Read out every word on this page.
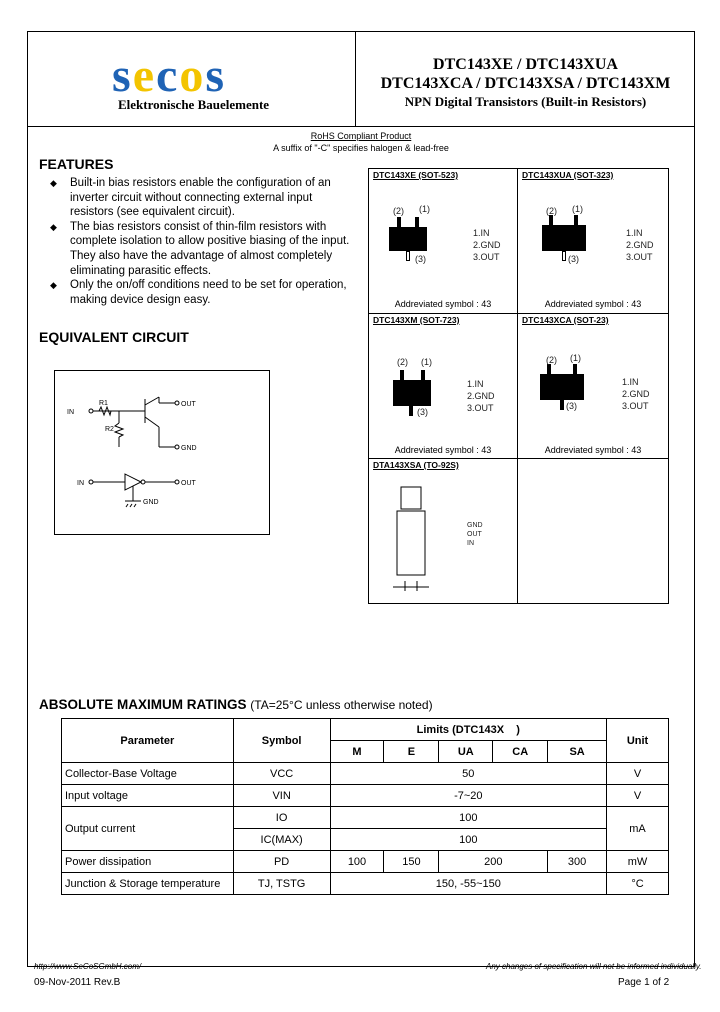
secos
Elektronische Bauelemente
DTC143XE / DTC143XUA
DTC143XCA / DTC143XSA / DTC143XM
NPN Digital Transistors (Built-in Resistors)
RoHS Compliant Product
A suffix of "-C" specifies halogen & lead-free
FEATURES
◆ Built-in bias resistors enable the configuration of an inverter circuit without connecting external input resistors (see equivalent circuit).
◆ The bias resistors consist of thin-film resistors with complete isolation to allow positive biasing of the input. They also have the advantage of almost completely eliminating parasitic effects.
◆ Only the on/off conditions need to be set for operation, making device design easy.
EQUIVALENT CIRCUIT
IN
R1
R2
OUT
GND
IN	OUT
GND
DTC143XE (SOT-523)
(2) (1)
(3)
1.IN
2.GND
3.OUT
Addreviated symbol : 43
DTC143XUA (SOT-323)
(2) (1)
(3)
1.IN
2.GND
3.OUT
Addreviated symbol : 43
DTC143XM (SOT-723)
(2) (1)
(3)
1.IN
2.GND
3.OUT
Addreviated symbol : 43
DTC143XCA (SOT-23)
(2) (1)
(3)
1.IN
2.GND
3.OUT
Addreviated symbol : 43
DTA143XSA (TO-92S)
GND
OUT
IN
ABSOLUTE MAXIMUM RATINGS (TA=25°C unless otherwise noted)
Parameter	Symbol	Limits (DTC143X    )					Unit
		M	E	UA	CA	SA	
Collector-Base Voltage	VCC	50					V
Input voltage	VIN	-7~20					V
Output current	IO	100					mA
	IC(MAX)	100					
Power dissipation	PD	100	150	200		300	mW
Junction & Storage temperature	TJ, TSTG	150, -55~150					°C
http://www.SeCoSGmbH.com/	Any changes of specification will not be informed individually.
09-Nov-2011 Rev.B	Page 1 of 2
